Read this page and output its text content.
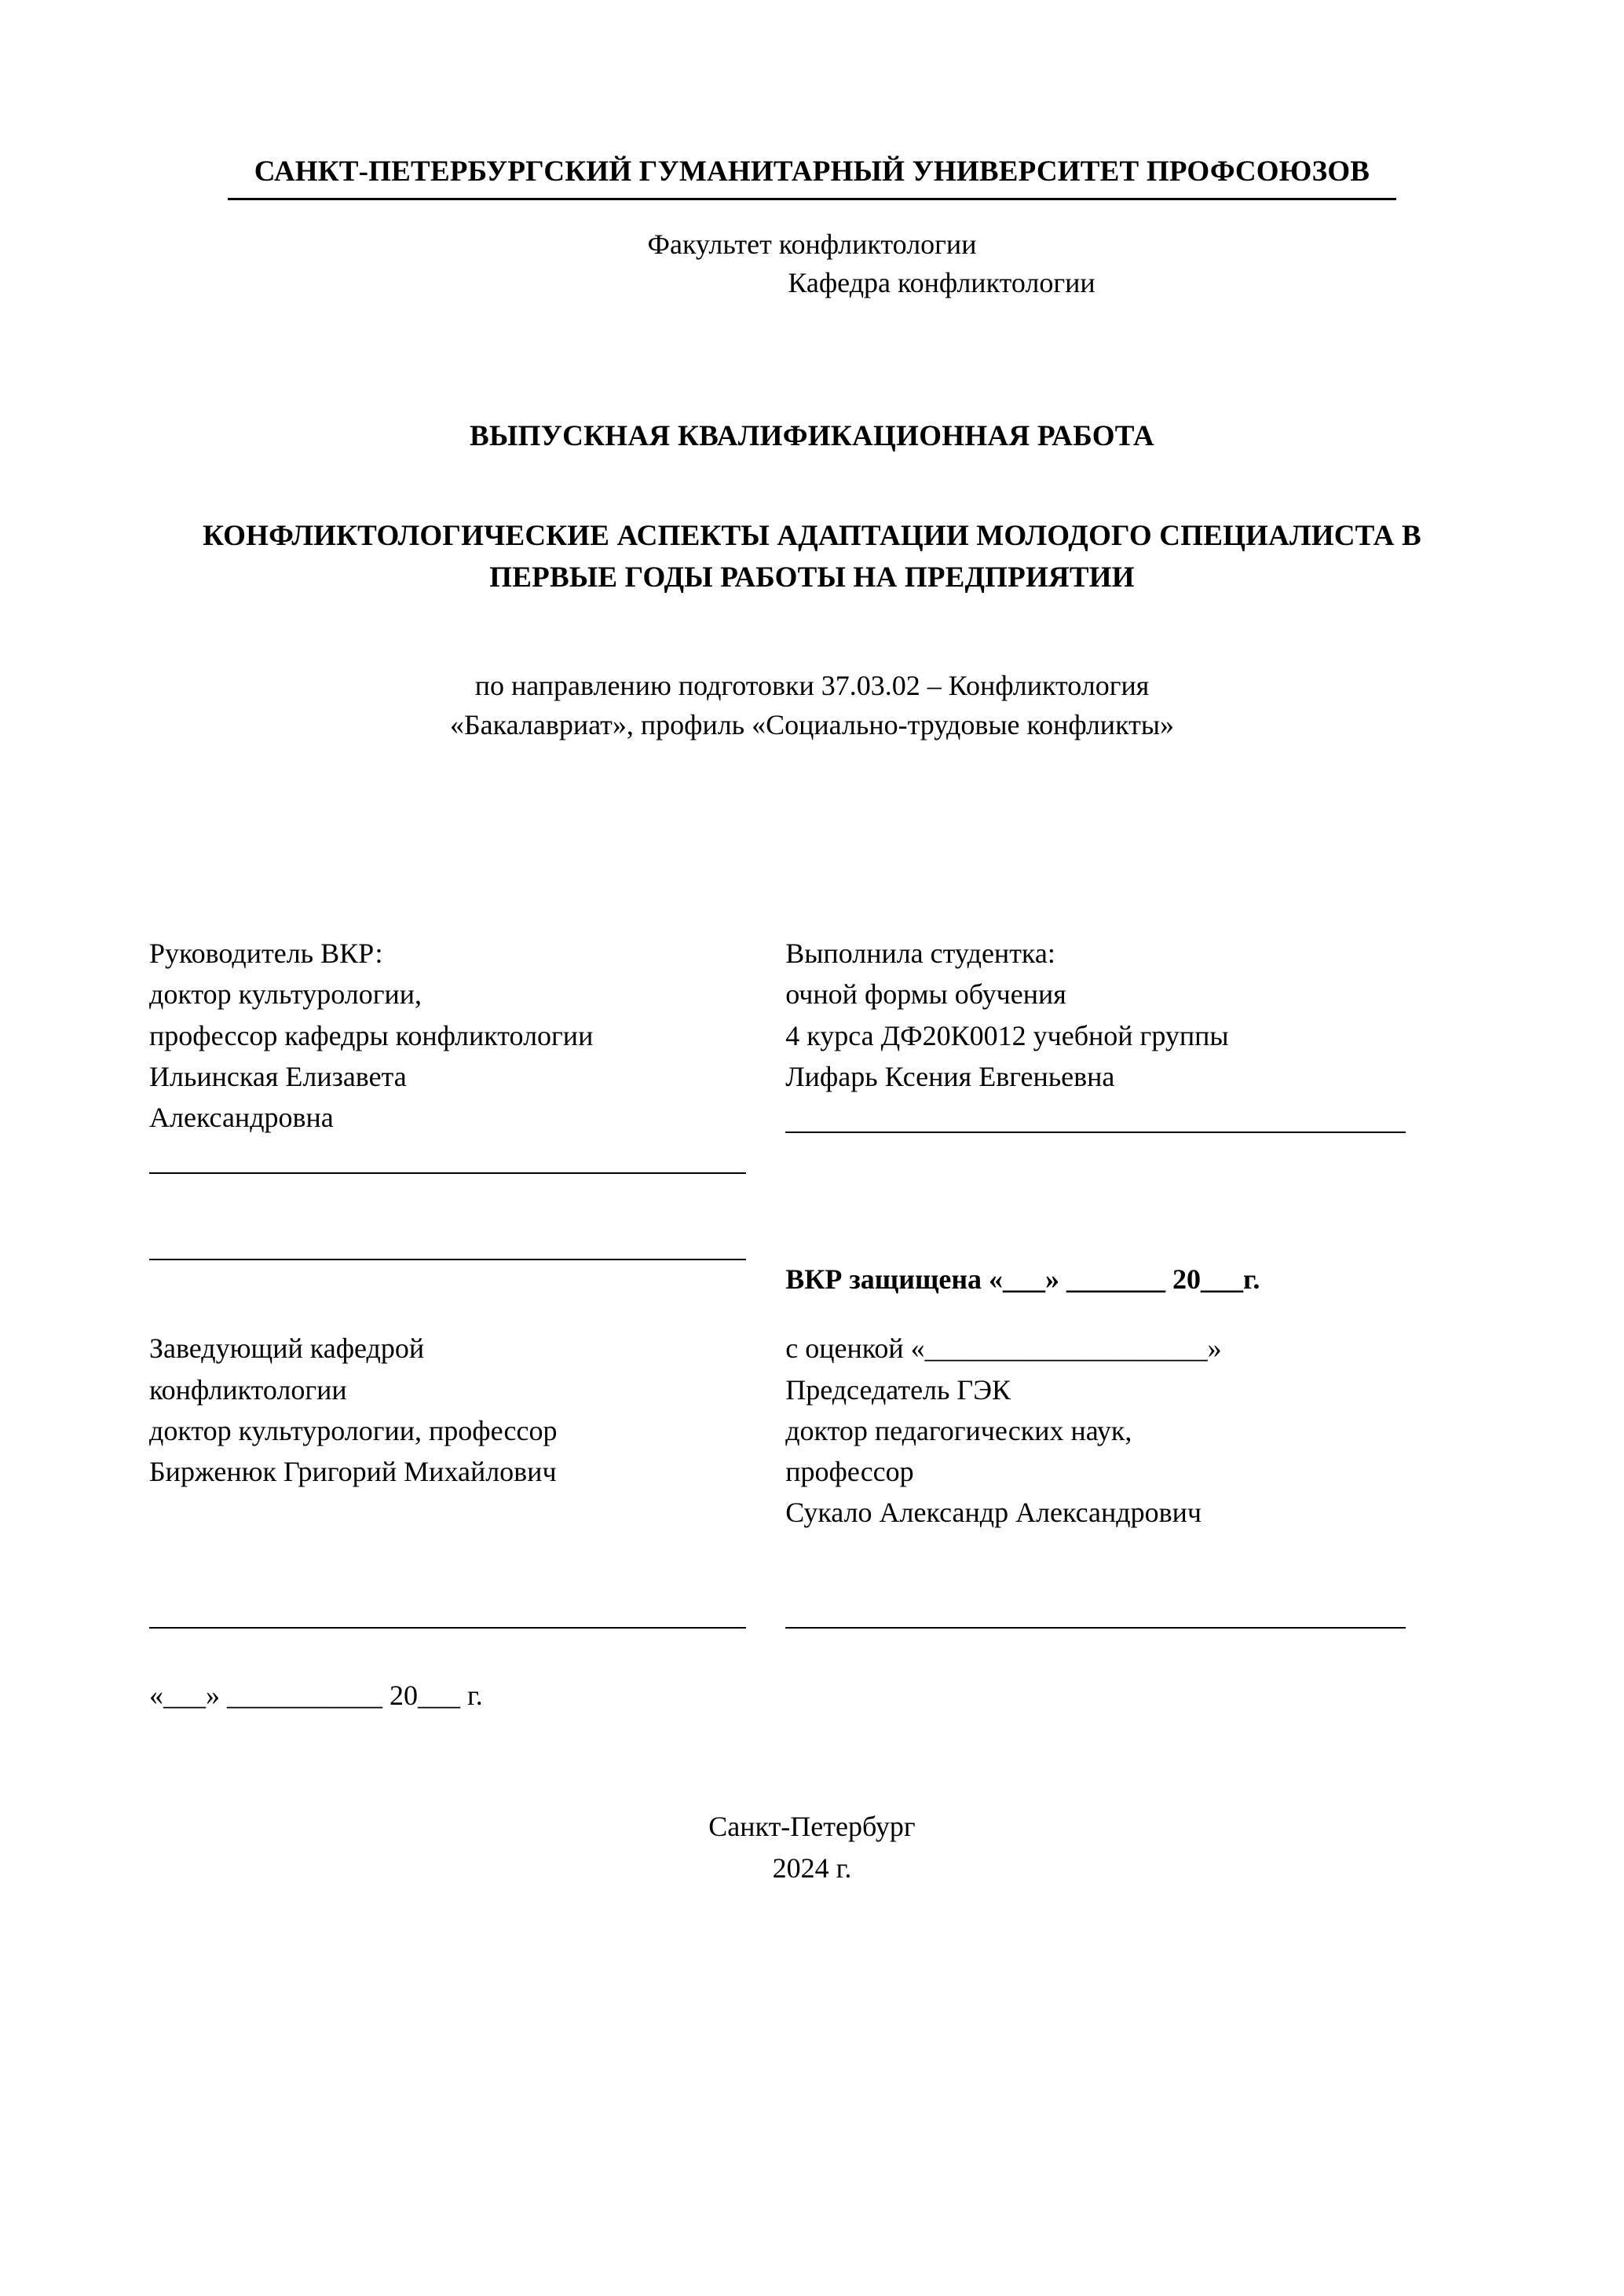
САНКТ-ПЕТЕРБУРГСКИЙ ГУМАНИТАРНЫЙ УНИВЕРСИТЕТ ПРОФСОЮЗОВ
Факультет конфликтологии
Кафедра конфликтологии
ВЫПУСКНАЯ КВАЛИФИКАЦИОННАЯ РАБОТА
КОНФЛИКТОЛОГИЧЕСКИЕ АСПЕКТЫ АДАПТАЦИИ МОЛОДОГО СПЕЦИАЛИСТА В ПЕРВЫЕ ГОДЫ РАБОТЫ НА ПРЕДПРИЯТИИ
по направлению подготовки 37.03.02 – Конфликтология
«Бакалавриат», профиль «Социально-трудовые конфликты»
Руководитель ВКР:
доктор культурологии,
профессор кафедры конфликтологии
Ильинская Елизавета
Александровна
Выполнила студентка:
очной формы обучения
4 курса ДФ20К0012 учебной группы
Лифарь Ксения Евгеньевна
ВКР защищена «___» _______ 20___г.
Заведующий кафедрой
конфликтологии
доктор культурологии, профессор
Бирженюк Григорий Михайлович
с оценкой «____________________»
Председатель ГЭК
доктор педагогических наук,
профессор
Сукало Александр Александрович
«___» ___________ 20___ г.
Санкт-Петербург
2024 г.
